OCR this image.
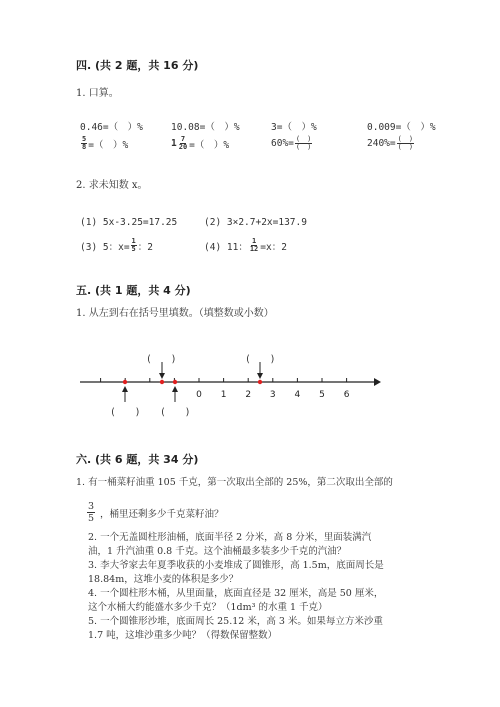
四. (共 2 题，共 16 分)
1. 口算。
0.46=（　）%	10.08=（　）%	3=（　）%	0.009=（　）%
$\frac{5}{8}$ =（　）%	$1 \frac{7}{20}$ =（　）%	$60\%= \frac{( )}{( )}$	$240\%= \frac{( )}{( )}$
2. 求未知数 x。
(1) 5x-3.25=17.25	(2) 3×2.7+2x=137.9
(3) 5：$x= \frac{1}{5}$ ：2	(4) 11： $\frac{1}{12} =x$：2
五. (共 1 题，共 4 分)
1. 从左到右在括号里填数。（填整数或小数）
0 1 2 3 4 5 6
(　　)	(　　)
(　　) (　　)
六. (共 6 题，共 34 分)
1. 有一桶菜籽油重 105 千克，第一次取出全部的 25%，第二次取出全部的
$\frac{3}{5}$ ，桶里还剩多少千克菜籽油？
2. 一个无盖圆柱形油桶，底面半径 2 分米，高 8 分米，里面装满汽油，1 升汽油重 0.8 千克。这个油桶最多装多少千克的汽油？
3. 李大爷家去年夏季收获的小麦堆成了圆锥形，高 1.5m，底面周长是 18.84m，这堆小麦的体积是多少？
4. 一个圆柱形木桶，从里面量，底面直径是 32 厘米，高是 50 厘米，这个水桶大约能盛水多少千克？（1dm³ 的水重 1 千克）
5. 一个圆锥形沙堆，底面周长 25.12 米，高 3 米。如果每立方米沙重 1.7 吨，这堆沙重多少吨？（得数保留整数）
